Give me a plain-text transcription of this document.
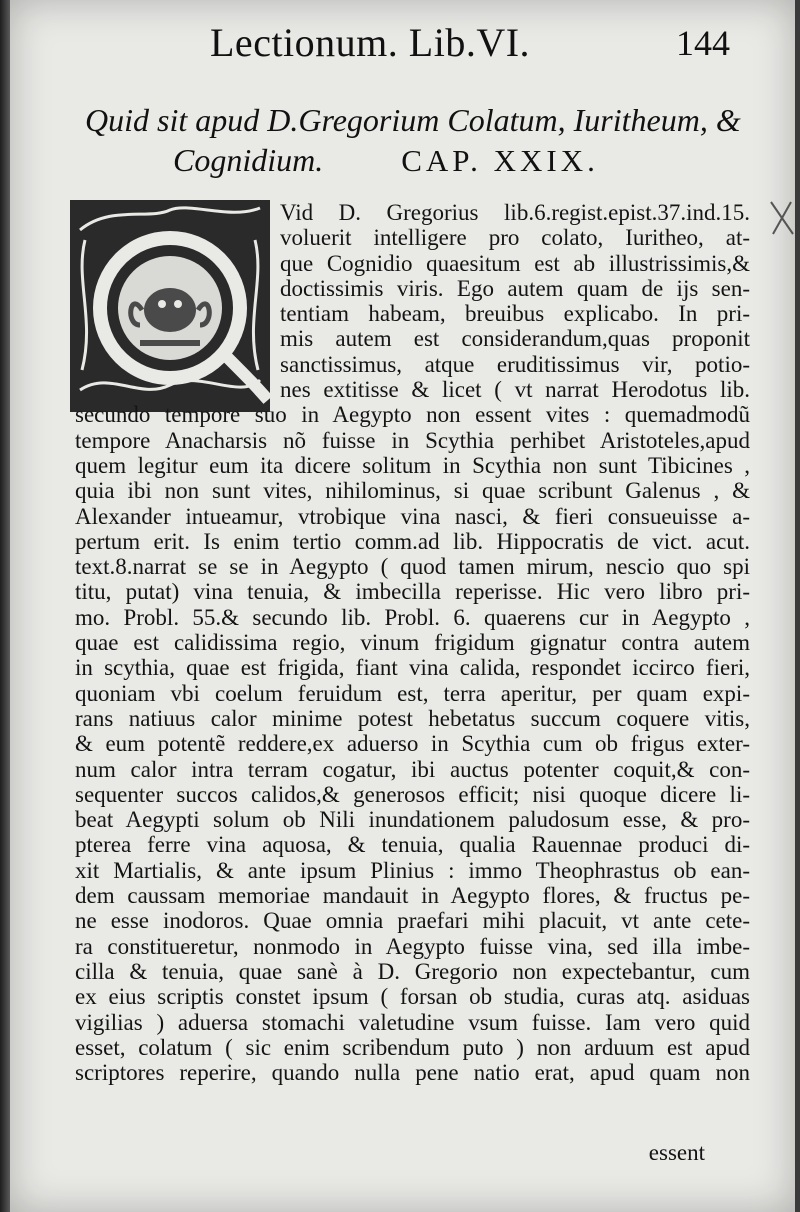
Lectionum. Lib.VI.	144
Quid sit apud D.Gregorium Colatum, Iuritheum, &
Cognidium.	CAP. XXIX.
Vid D. Gregorius lib.6.regist.epist.37.ind.15.
voluerit intelligere pro colato, Iuritheo, at-
que Cognidio quaesitum est ab illustrissimis,&
doctissimis viris. Ego autem quam de ijs sen-
tentiam habeam, breuibus explicabo. In pri-
mis autem est considerandum,quas proponit
sanctissimus, atque eruditissimus vir, potio-
nes extitisse & licet ( vt narrat Herodotus lib.
secundo tempore suo in Aegypto non essent vites : quemadmodũ
tempore Anacharsis nõ fuisse in Scythia perhibet Aristoteles,apud
quem legitur eum ita dicere solitum in Scythia non sunt Tibicines ,
quia ibi non sunt vites, nihilominus, si quae scribunt Galenus , &
Alexander intueamur, vtrobique vina nasci, & fieri consueuisse a-
pertum erit. Is enim tertio comm.ad lib. Hippocratis de vict. acut.
text.8.narrat se se in Aegypto ( quod tamen mirum, nescio quo spi
titu, putat) vina tenuia, & imbecilla reperisse. Hic vero libro pri-
mo. Probl. 55.& secundo lib. Probl. 6. quaerens cur in Aegypto ,
quae est calidissima regio, vinum frigidum gignatur contra autem
in scythia, quae est frigida, fiant vina calida, respondet iccirco fieri,
quoniam vbi coelum feruidum est, terra aperitur, per quam expi-
rans natiuus calor minime potest hebetatus succum coquere vitis,
& eum potentẽ reddere,ex aduerso in Scythia cum ob frigus exter-
num calor intra terram cogatur, ibi auctus potenter coquit,& con-
sequenter succos calidos,& generosos efficit; nisi quoque dicere li-
beat Aegypti solum ob Nili inundationem paludosum esse, & pro-
pterea ferre vina aquosa, & tenuia, qualia Rauennae produci di-
xit Martialis, & ante ipsum Plinius : immo Theophrastus ob ean-
dem caussam memoriae mandauit in Aegypto flores, & fructus pe-
ne esse inodoros. Quae omnia praefari mihi placuit, vt ante cete-
ra constitueretur, nonmodo in Aegypto fuisse vina, sed illa imbe-
cilla & tenuia, quae sanè à D. Gregorio non expectebantur, cum
ex eius scriptis constet ipsum ( forsan ob studia, curas atq. asiduas
vigilias ) aduersa stomachi valetudine vsum fuisse. Iam vero quid
esset, colatum ( sic enim scribendum puto ) non arduum est apud
scriptores reperire, quando nulla pene natio erat, apud quam non
essent
